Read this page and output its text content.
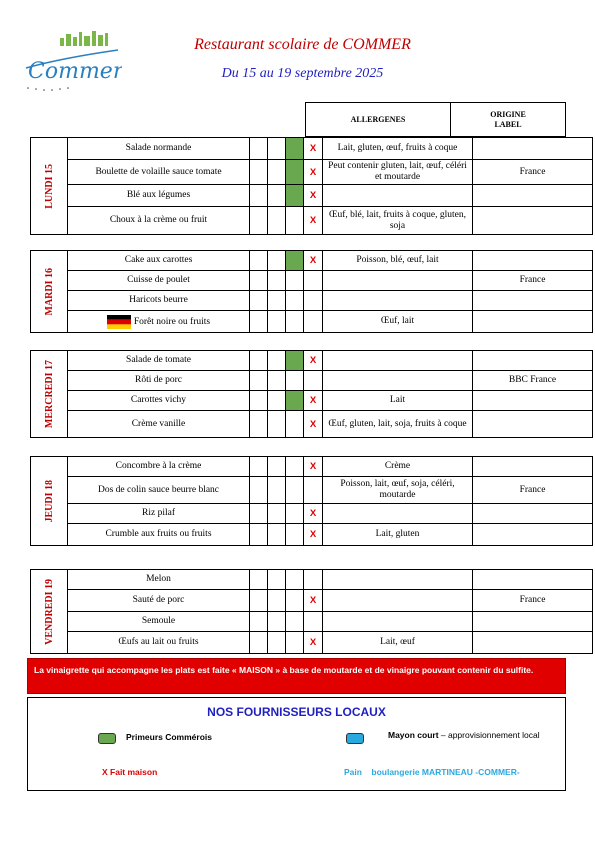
Commer
Restaurant scolaire de COMMER
Du 15 au 19 septembre 2025
ALLERGENES
ORIGINE
LABEL
LUNDI 15	Salade normande				X	Lait, gluten, œuf, fruits à coque	
	Boulette de volaille sauce tomate				X	Peut contenir gluten, lait, œuf, céléri et moutarde	France
	Blé aux légumes				X		
	Choux à la crème ou fruit				X	Œuf, blé, lait, fruits à coque, gluten, soja	
MARDI 16	Cake aux carottes				X	Poisson, blé, œuf, lait	
	Cuisse de poulet						France
	Haricots beurre						
	Forêt noire ou fruits					Œuf, lait	
MERCREDI 17	Salade de tomate				X		
	Rôti de porc						BBC France
	Carottes vichy				X	Lait	
	Crème vanille				X	Œuf, gluten, lait, soja, fruits à coque	
JEUDI 18	Concombre à la crème				X	Crème	
	Dos de colin sauce beurre blanc					Poisson, lait, œuf, soja, céléri, moutarde	France
	Riz pilaf				X		
	Crumble aux fruits ou fruits				X	Lait, gluten	
VENDREDI 19	Melon						
	Sauté de porc				X		France
	Semoule						
	Œufs au lait ou fruits				X	Lait, œuf	
La vinaigrette qui accompagne les plats est faite « MAISON » à base de moutarde et de vinaigre pouvant contenir du sulfite.
NOS FOURNISSEURS LOCAUX
Primeurs Commérois	Mayon court – approvisionnement local
X Fait maison	Pain    boulangerie MARTINEAU -COMMER-
